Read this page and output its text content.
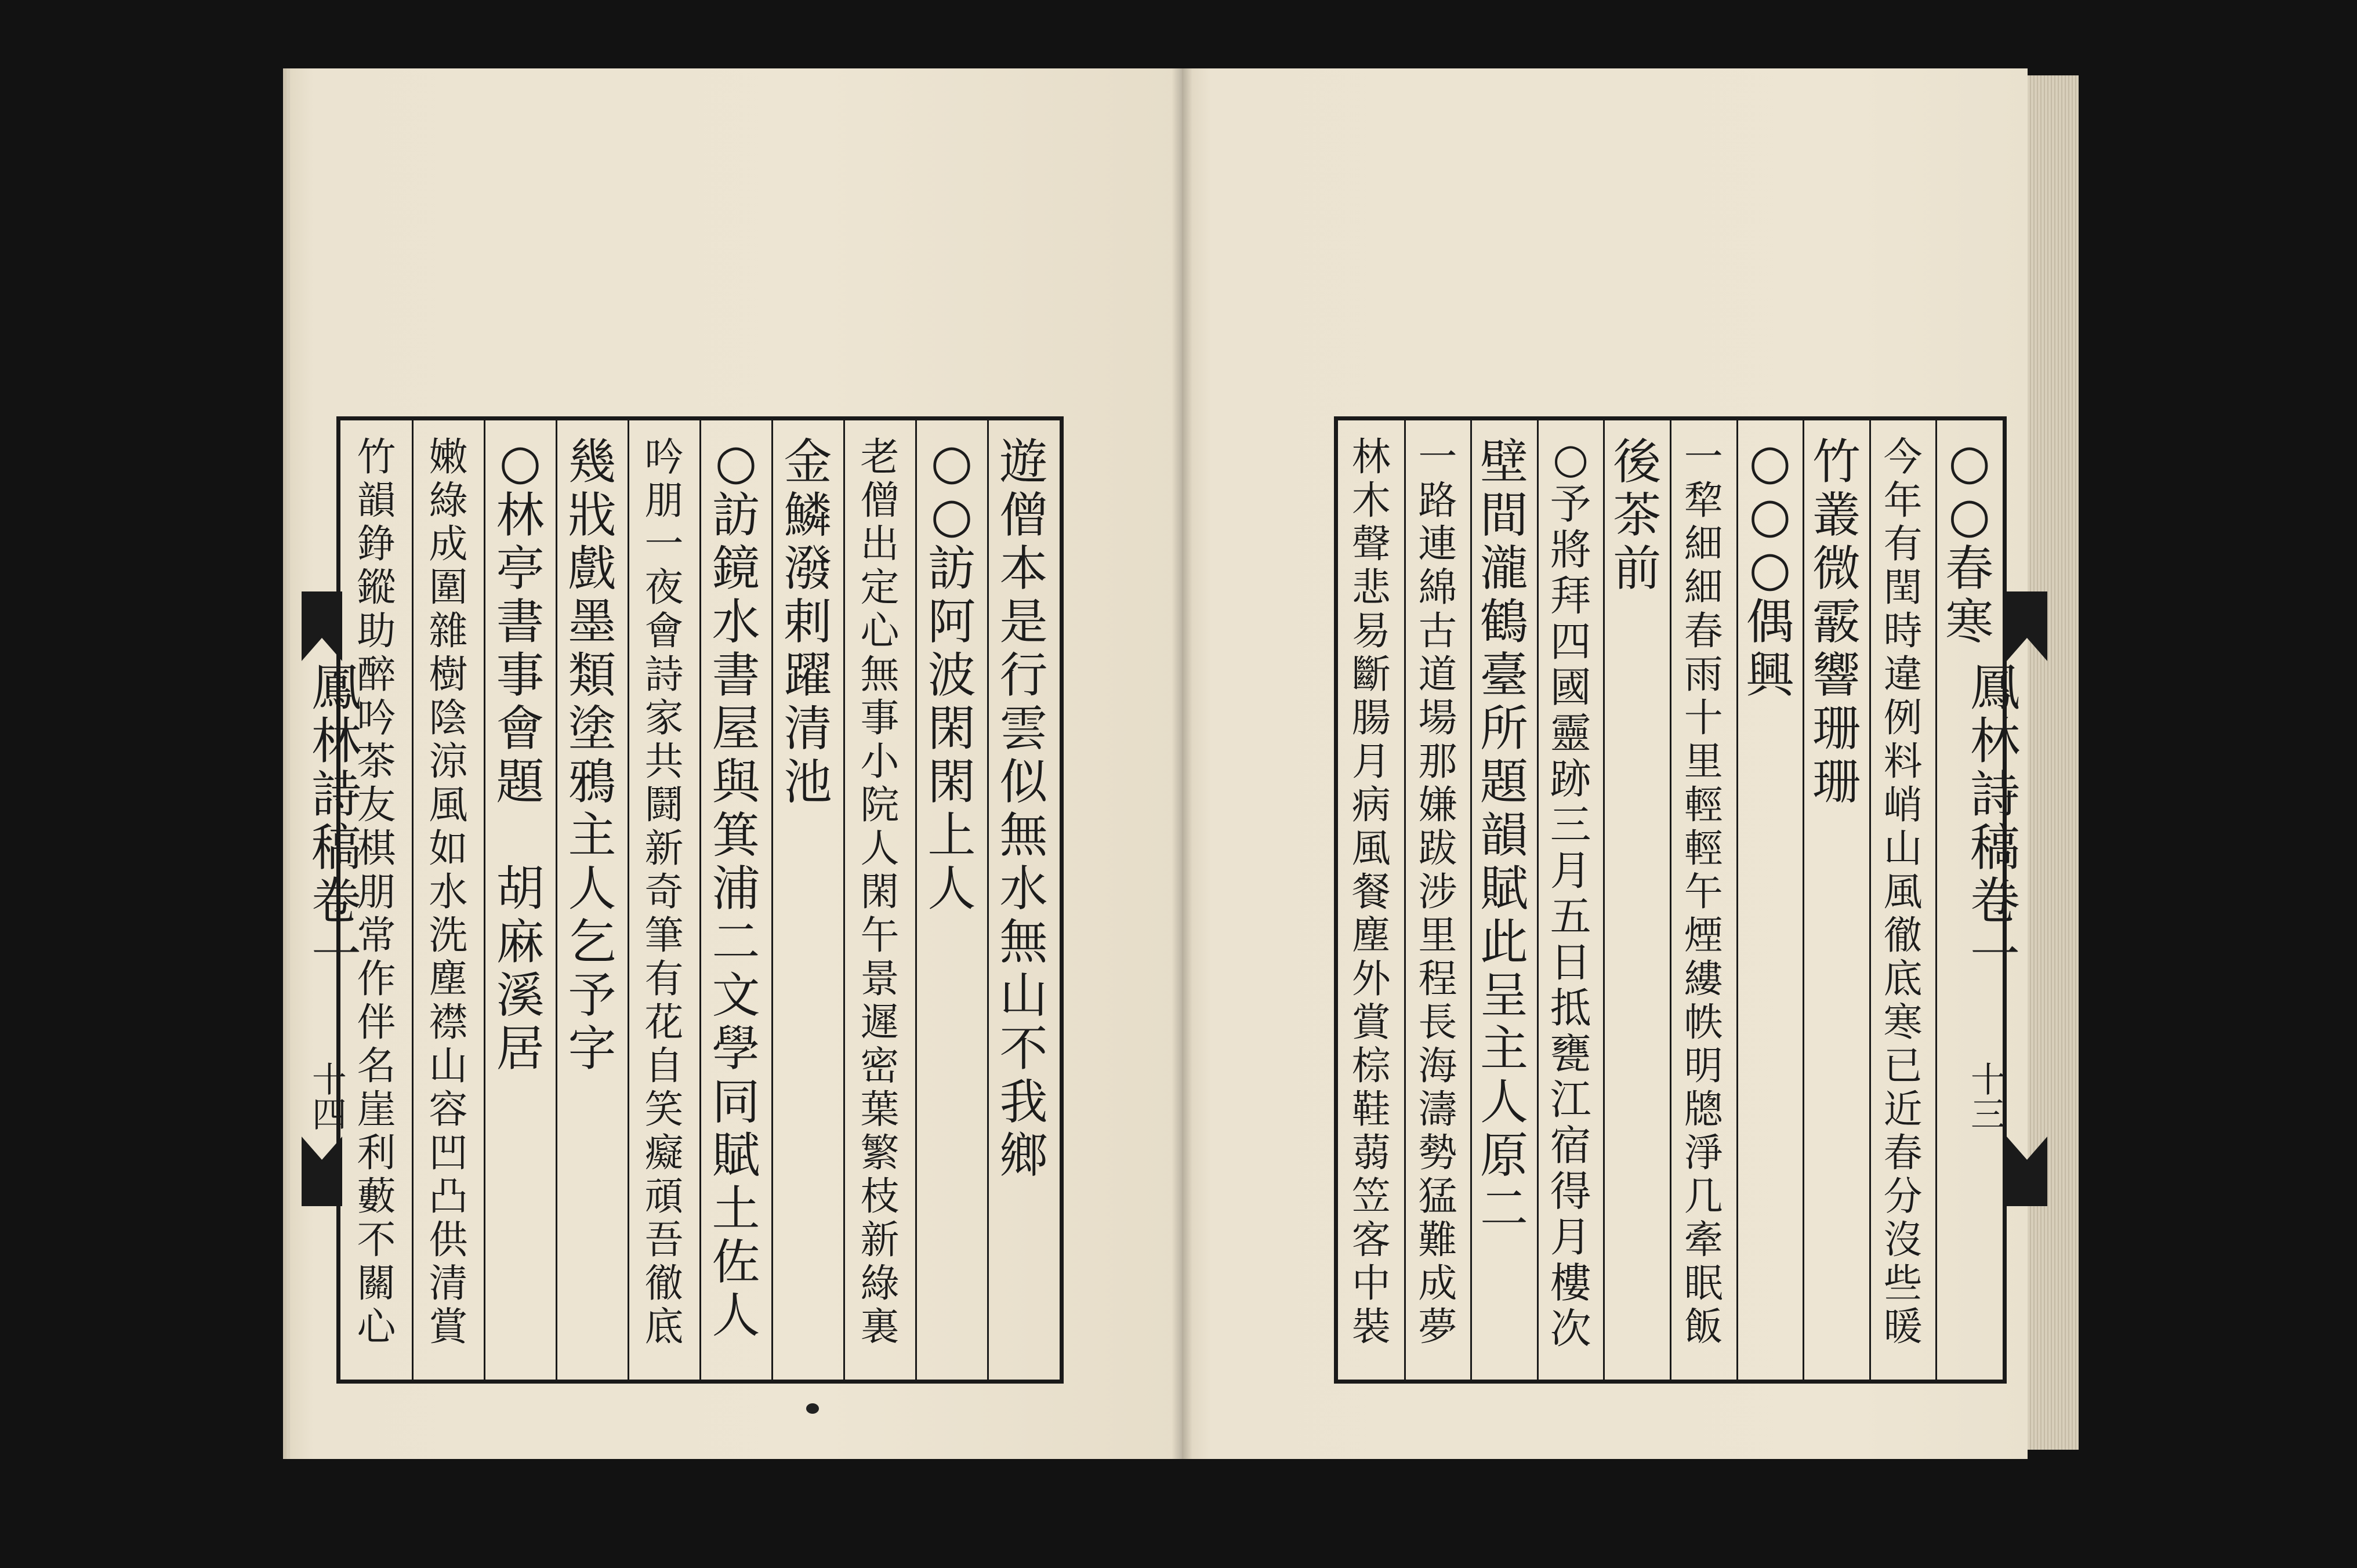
遊
僧
本
是
行
雲
似
無
水
無
山
不
我
鄉
○
○
訪
阿
波
閑
閑
上
人
老
僧
出
定
心
無
事
小
院
人
閑
午
景
遲
密
葉
繁
枝
新
綠
裏
金
鱗
潑
剌
躍
清
池
○
訪
鏡
水
書
屋
與
箕
浦
二
文
學
同
賦
土
佐
人
吟
朋
一
夜
會
詩
家
共
鬪
新
奇
筆
有
花
自
笑
癡
頑
吾
徹
底
幾
戕
戲
墨
類
塗
鴉
主
人
乞
予
字
○
林
亭
書
事
會
題

胡
麻
溪
居
嫩
綠
成
圍
雜
樹
陰
涼
風
如
水
洗
塵
襟
山
容
凹
凸
供
清
賞
竹
韻
錚
鏦
助
醉
吟
茶
友
棋
朋
常
作
伴
名
崖
利
藪
不
關
心
鳳林詩稿卷一
十四
○
○
春
寒
今
年
有
閏
時
違
例
料
峭
山
風
徹
底
寒
已
近
春
分
沒
些
暖
竹
叢
微
霰
響
珊
珊
○
○
○
偶
興
一
犂
細
細
春
雨
十
里
輕
輕
午
煙
縷
帙
明
牕
淨
几
牽
眠
飯
後
茶
前
○
予
將
拜
四
國
靈
跡
三
月
五
日
抵
甕
江
宿
得
月
樓
次
壁
間
瀧
鶴
臺
所
題
韻
賦
此
呈
主
人
原
二
一
路
連
綿
古
道
場
那
嫌
跋
涉
里
程
長
海
濤
勢
猛
難
成
夢
林
木
聲
悲
易
斷
腸
月
病
風
餐
塵
外
賞
棕
鞋
蒻
笠
客
中
裝
鳳林詩稿卷一
十三
